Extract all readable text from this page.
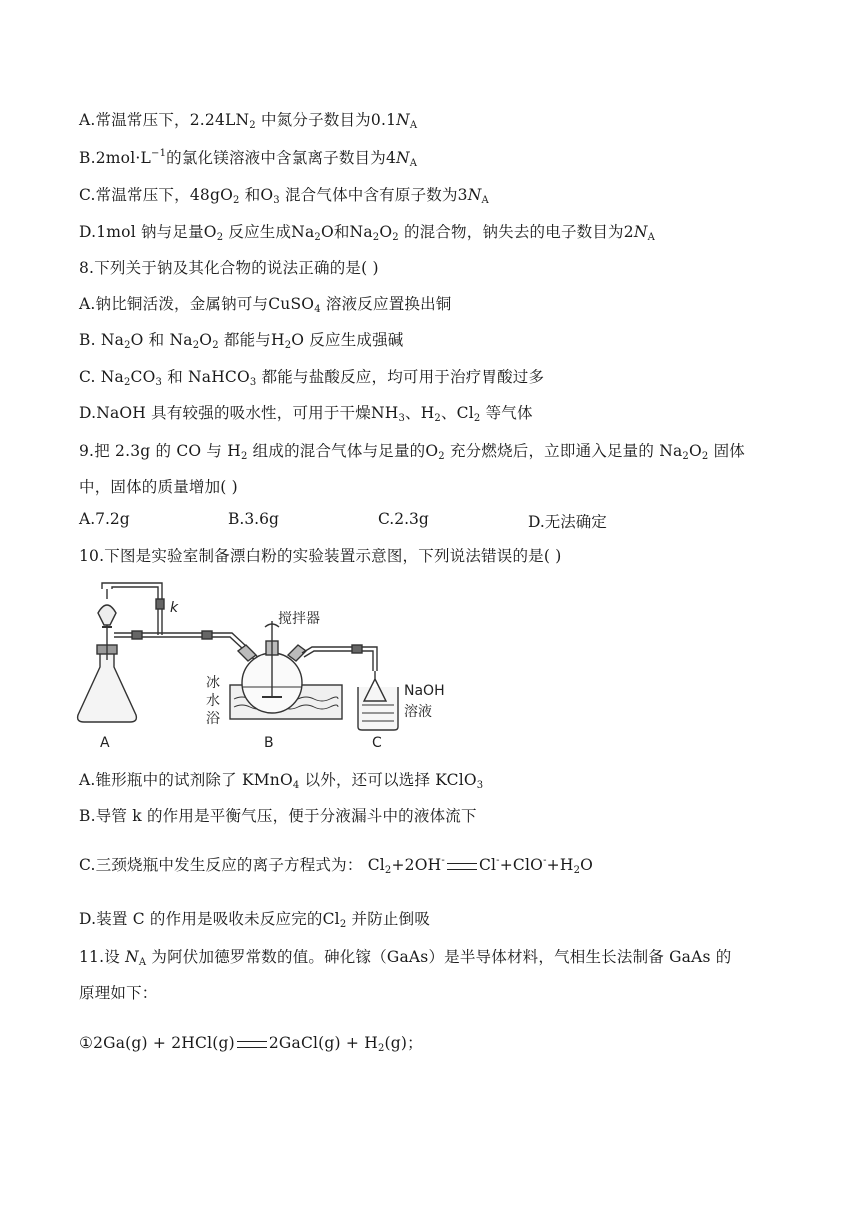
A.常温常压下，$2.24LN_2$ 中氮分子数目为$0.1N_A$
$B.2mol\cdot L^{-1}$的氯化镁溶液中含氯离子数目为$4N_A$
C.常温常压下，$48gO_2$ 和$O_3$ 混合气体中含有原子数为$3N_A$
D.1mol 钠与足量$O_2$ 反应生成$Na_2O$和$Na_2O_2$ 的混合物，钠失去的电子数目为$2N_A$
8.下列关于钠及其化合物的说法正确的是( )
A.钠比铜活泼，金属钠可与CuSO$_4$ 溶液反应置换出铜
B. $Na_2O$ 和 $Na_2O_2$ 都能与$H_2O$ 反应生成强碱
C. $Na_2CO_3$ 和 NaHCO$_3$ 都能与盐酸反应，均可用于治疗胃酸过多
D.NaOH 具有较强的吸水性，可用于干燥$NH_3$、$H_2$、$Cl_2$ 等气体
9.把 2.3g 的 CO 与 $H_2$ 组成的混合气体与足量的$O_2$ 充分燃烧后，立即通入足量的 $Na_2O_2$ 固体
中，固体的质量增加( )
A.7.2g	B.3.6g	C.2.3g	D.无法确定
10.下图是实验室制备漂白粉的实验装置示意图，下列说法错误的是( )
k
搅拌器
冰
水
浴
NaOH
溶液
A	B	C
A.锥形瓶中的试剂除了 KMnO$_4$ 以外，还可以选择 KClO$_3$
B.导管 k 的作用是平衡气压，便于分液漏斗中的液体流下
C.三颈烧瓶中发生反应的离子方程式为： $Cl_2+2OH^-$ $Cl^-+ClO^-+H_2O$
D.装置 C 的作用是吸收未反应完的$Cl_2$ 并防止倒吸
11.设 $N_A$ 为阿伏加德罗常数的值。砷化镓（GaAs）是半导体材料，气相生长法制备 GaAs 的
原理如下：
①2Ga(g) + 2HCl(g) 2GaCl(g) + $H_2(g)$；
